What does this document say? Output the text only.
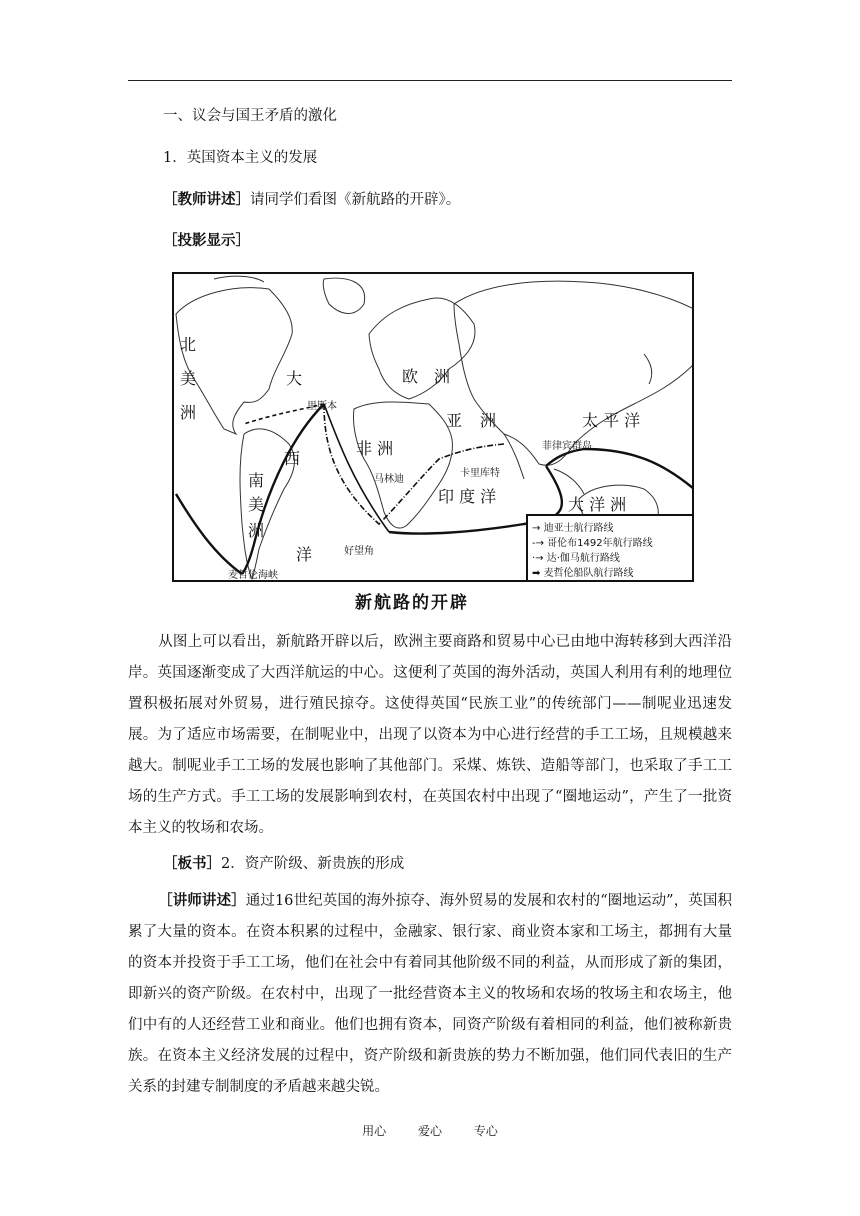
一、议会与国王矛盾的激化
1．英国资本主义的发展
［教师讲述］请同学们看图《新航路的开辟》。
［投影显示］
北
美
洲
大	欧　洲
亚 洲	太 平 洋
西
非 洲
南
美
洲
印 度 洋	大 洋 洲
洋
里斯本
马林迪
卡里库特
菲律宾群岛
好望角
麦哲伦海峡
→ 迪亚士航行路线
-→ 哥伦布1492年航行路线
·→ 达·伽马航行路线
➡ 麦哲伦船队航行路线
新航路的开辟
从图上可以看出，新航路开辟以后，欧洲主要商路和贸易中心已由地中海转移到大西洋沿岸。英国逐渐变成了大西洋航运的中心。这便利了英国的海外活动，英国人利用有利的地理位置积极拓展对外贸易，进行殖民掠夺。这使得英国“民族工业”的传统部门——制呢业迅速发展。为了适应市场需要，在制呢业中，出现了以资本为中心进行经营的手工工场，且规模越来越大。制呢业手工工场的发展也影响了其他部门。采煤、炼铁、造船等部门，也采取了手工工场的生产方式。手工工场的发展影响到农村，在英国农村中出现了“圈地运动”，产生了一批资本主义的牧场和农场。
［板书］2．资产阶级、新贵族的形成
［讲师讲述］通过16世纪英国的海外掠夺、海外贸易的发展和农村的“圈地运动”，英国积累了大量的资本。在资本积累的过程中，金融家、银行家、商业资本家和工场主，都拥有大量的资本并投资于手工工场，他们在社会中有着同其他阶级不同的利益，从而形成了新的集团，即新兴的资产阶级。在农村中，出现了一批经营资本主义的牧场和农场的牧场主和农场主，他们中有的人还经营工业和商业。他们也拥有资本，同资产阶级有着相同的利益，他们被称新贵族。在资本主义经济发展的过程中，资产阶级和新贵族的势力不断加强，他们同代表旧的生产关系的封建专制制度的矛盾越来越尖锐。
用心	爱心	专心
